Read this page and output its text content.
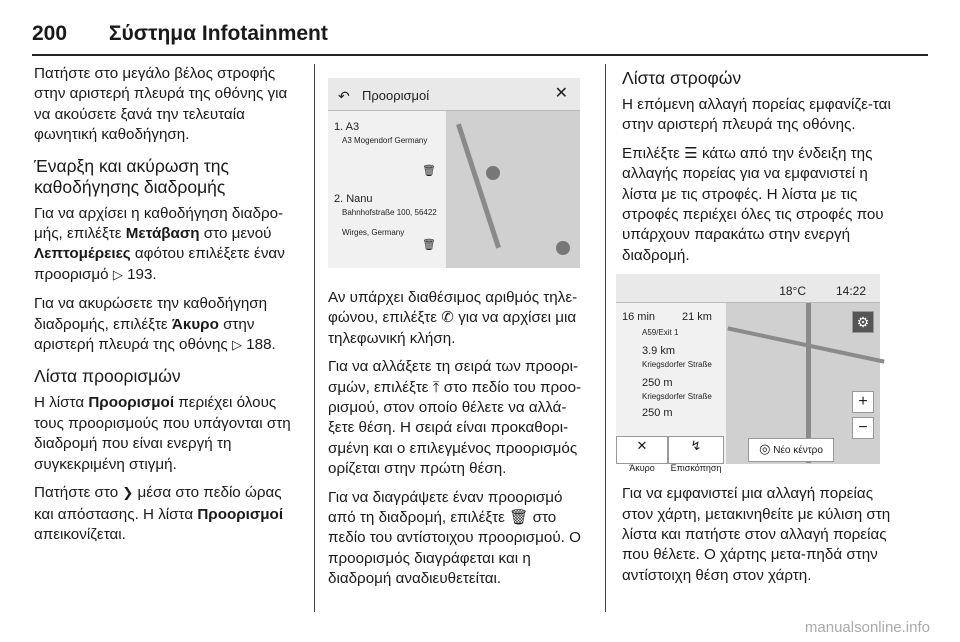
200 Σύστημα Infotainment

Πατήστε στο μεγάλο βέλος στροφής στην αριστερή πλευρά της οθόνης για να ακούσετε ξανά την τελευταία φωνητική καθοδήγηση.

Έναρξη και ακύρωση της καθοδήγησης διαδρομής

Για να αρχίσει η καθοδήγηση διαδρο-μής, επιλέξτε Μετάβαση στο μενού Λεπτομέρειες αφότου επιλέξετε έναν προορισμό ▷ 193.

Για να ακυρώσετε την καθοδήγηση διαδρομής, επιλέξτε Άκυρο στην αριστερή πλευρά της οθόνης ▷ 188.

Λίστα προορισμών

Η λίστα Προορισμοί περιέχει όλους τους προορισμούς που υπάγονται στη διαδρομή που είναι ενεργή τη συγκεκριμένη στιγμή.

Πατήστε στο ❯ μέσα στο πεδίο ώρας και απόστασης. Η λίστα Προορισμοί απεικονίζεται.

↶ Προορισμοί	✕
1. A3
A3 Mogendorf Germany
🗑
2. Nanu
Bahnhofstraße 100, 56422 Wirges, Germany
🗑

Αν υπάρχει διαθέσιμος αριθμός τηλε-φώνου, επιλέξτε ✆ για να αρχίσει μια τηλεφωνική κλήση.

Για να αλλάξετε τη σειρά των προορι-σμών, επιλέξτε ⤒ στο πεδίο του προο-ρισμού, στον οποίο θέλετε να αλλά-ξετε θέση. Η σειρά είναι προκαθορι-σμένη και ο επιλεγμένος προορισμός ορίζεται στην πρώτη θέση.

Για να διαγράψετε έναν προορισμό από τη διαδρομή, επιλέξτε 🗑 στο πεδίο του αντίστοιχου προορισμού. Ο προορισμός διαγράφεται και η διαδρομή αναδιευθετείται.

Λίστα στροφών

Η επόμενη αλλαγή πορείας εμφανίζε-ται στην αριστερή πλευρά της οθόνης.

Επιλέξτε ☰ κάτω από την ένδειξη της αλλαγής πορείας για να εμφανιστεί η λίστα με τις στροφές. Η λίστα με τις στροφές περιέχει όλες τις στροφές που υπάρχουν παρακάτω στην ενεργή διαδρομή.

18°C 14:22
16 min 21 km
A59/Exit 1
3.9 km
Kriegsdorfer Straße
250 m
Kriegsdorfer Straße
250 m
⚙
+
−
✕
Άκυρο
↯
Επισκόπηση
◎ Νέο κέντρο

Για να εμφανιστεί μια αλλαγή πορείας στον χάρτη, μετακινηθείτε με κύλιση στη λίστα και πατήστε στον αλλαγή πορείας που θέλετε. Ο χάρτης μετα-πηδά στην αντίστοιχη θέση στον χάρτη.

manualsonline.info
